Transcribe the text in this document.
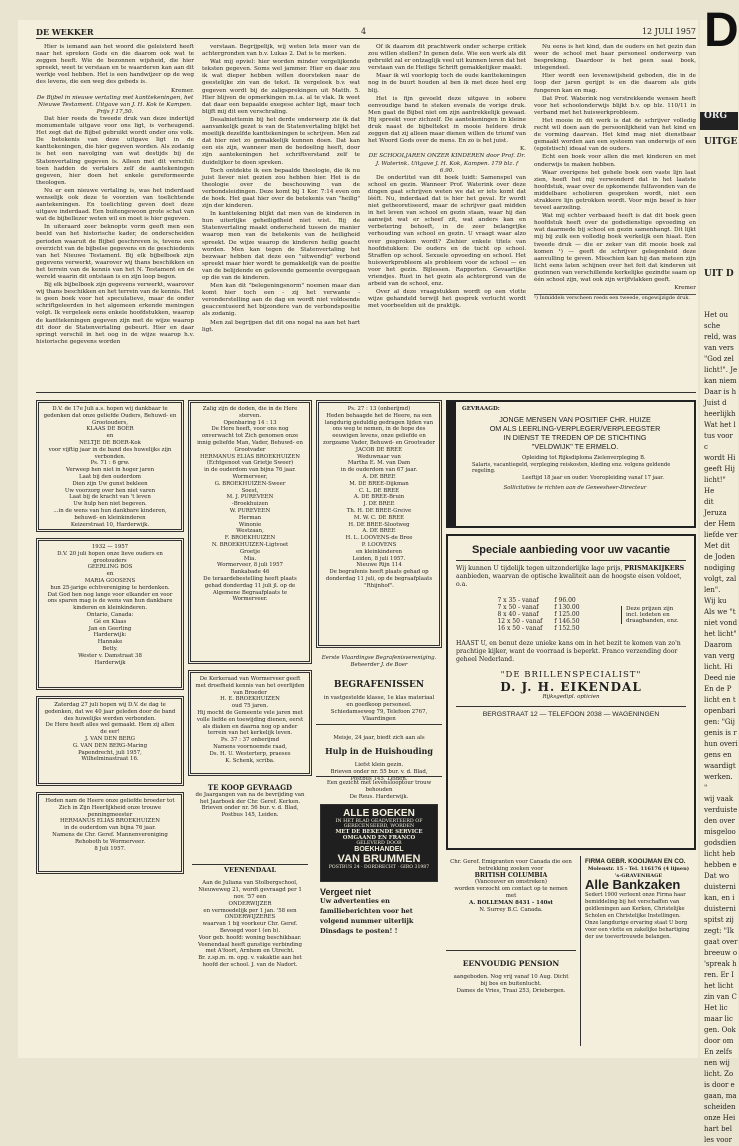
DE WEKKER	4	12 JULI 1957

Hier is iemand aan het woord die geleisterd heeft naar het spreken Gods en die daarom ook wat te zeggen heeft. Wie de bezonnen wijsheid, die hier spreekt, weet te verstaan en te waarderen kan aan dit werkje veel hebben. Het is een handwijzer op de weg des levens, die een weg des gebeds is.

Kremer.
De Bijbel in nieuwe vertaling met kanttekeningen, het Nieuwe Testament. Uitgave van J. H. Kok te Kampen. Prijs f 17,50.

Dat hier reeds de tweede druk van deze indertijd monumentale uitgave voor ons ligt, is verheugend. Het zegt dat de Bijbel gebruikt wordt onder ons volk. De betekenis van deze uitgave ligt in de kanttekeningen, die hier gegeven worden. Als zodanig is het een navolging van wat destijds bij de Statenvertaling gegeven is. Alleen met dit verschil: toen hadden de vertalers zelf de aantekeningen gegeven, hier doen het enkele gereformeerde theologen.

Nu er een nieuwe vertaling is, was het inderdaad wenselijk ook deze te voorzien van toelichtende aantekeningen. En toelichting geven doet deze uitgave inderdaad. Een buitengewoon grote schat van wat de bijbellezer weten wil en moet is hier gegeven.

In uiteraard zeer beknopte vorm geeft men een beeld van het historische kader, de onderscheiden perioden waaruit de Bijbel geschreven is, tevens een overzicht van de bijbelse gegevens en de geschiedenis van het Nieuwe Testament. Bij elk bijbelboek zijn gegevens verwerkt, waarover wij thans beschikken en het terrein van de kennis van het N. Testament en de wereld waarin dit ontstaan is en zijn loop begon.

Bij elk bijbelboek zijn gegevens verwerkt, waarover wij thans beschikken en het terrein van de kennis. Het is geen boek voor het speculatieve, maar de onder schriftgeleerden in het algemeen erkende meningen volgt. Ik vergeleek eens enkele hoofdstukken, waarop de kanttekeningen gegeven zijn met de wijze waarop dit door de Statenvertaling gebeurt. Hier en daar springt verschil in het oog in de wijze waarop h.v. historische gegevens worden

verstaan. Begrijpelijk, wij weten lets meer van de achtergronden van b.v. Lukas 2. Dat is te merken.

Wat mij opviel: hier worden minder vergelijkende teksten gegeven. Soms wel jammer. Hier en daar zou ik wat dieper hebben willen doorsteken naar de geestelijke zin van de tekst. Ik vergeleek b.v. wat gegeven wordt bij de zaligsprekingen uit Matth. 5. Hier blijven de opmerkingen m.i.a. al te vlak. Ik weet dat daar een bepaalde exegese achter ligt, maar toch blijft mij dit een verschraling.

Desalniettemin bij het derde onderwerp zie ik dat aanvankelijk gezet is van de Statenvertaling blijkt het moeilijk dezelfde kanttekeningen te schrijven. Men zal dat hier niet zo gemakkelijk kunnen doen. Dat kan een eis zijn, wanneer men de bedoeling heeft, door zijn aantekeningen het schriftverstand zelf te duidelijker te doen spreken.

Toch ontdekte ik een bepaalde theologie, die ik nu juist liever niet gezien zou hebben hier. Het is de theologie over de beschouwing van de verbondsleidingen. Deze komt bij 1 Kor. 7:14 even om de hoek. Het gaat hier over de betekenis van "heilig" zijn der kinderen.

In kanttekening blijkt dat men van de kinderen in hun uiterlijke geheiligdheid niet wist. Bij de Statenvertaling maakt onderscheid tussen de manier waarop men van de betekenis van de heiligheid spreekt. De wijze waarop de kinderen heilig geacht worden. Men kan tegen de Statenvertaling het bezwaar hebben dat deze een "uitwendig" verbond spreekt maar hier wordt te gemakkelijk van de positie van de belijdende en gelovende gemeente overgegaan op die van de kinderen.

Men kan dit "belegeningsnorm" noemen maar dan komt hier toch een - zij het verwante - veronderstelling aan de dag en wordt niet voldoende geaccentueerd het bijzondere van de verbondspositie als zodanig.

Men zal begrijpen dat dit ons nogal na aan het hart ligt.

Of ik daarom dit prachtwerk onder scherpe critiek zou willen stellen? In genen dele. Wie een werk als dit gebruikt zal er ontzaglijk veel uit kunnen leren dat het verstaan van de Heilige Schrift gemakkelijker maakt.

Maar ik wil voorlopig toch de oude kanttekeningen nog in de buurt houden al ben ik met deze heel erg blij.

Het is fijn gevoeld deze uitgave in sobere eenvoudige band te steken evenals de vorige druk. Men gaat de Bijbel niet om zijn aantrekkelijk gewaad. Hij spreekt voor zichzelf. De aantekeningen in kleine druk naast de bijbeltekst in mooie heldere druk zeggen dat zij alleen maar dienen willen de triumf van het Woord Gods over de mens. En zo is het juist.

K.
DE SCHOOLJAREN ONZER KINDEREN door Prof. Dr. J. Waterink. Uitgave J. H. Kok, Kampen. 179 blz. f 6.90.

De ondertitel van dit boek luidt: Samenspel van school en gezin. Wanneer Prof. Waterink over deze dingen gaat schrijven weten we dat er iets komt dat lééft. Nu, inderdaad dat is hier het geval. Er wordt niet getheoretiseerd, maar de schrijver gaat midden in het leven van school en gezin staan, waar hij dan aanwijst wat er scheef zit, wat anders kan en verbetering behoeft, in de zeer belangrijke verhouding van school en gezin. U vraagt waar alzo over gesproken wordt? Ziehier enkele titels van hoofdstukken: De ouders en de tucht op school. Straffen op school. Sexuele opvoeding en school. Het huiswerkprobleem als probleem voor de school — en voor het gezin. Bijlessen. Rapporten. Gevaarlijke vriendjes. Rust in het gezin als achtergrond van de arbeid van de school, enz.

Over al deze vraagstukken wordt op een vlotte wijze gehandeld terwijl het gesprek verlucht wordt met voorbeelden uit de praktijk.

Nu eens is het kind, dan de ouders en het gezin dan weer de school met haar personeel onderwerp van bespreking. Daardoor is het geen saai boek, integendeel.

Hier wordt een levenswijsheid geboden, die in de loop der jaren gerijpt is en die daarom als gids fungeren kan en mag.

Dat Prof. Waterink nog verstrekkende wensen heeft voor het schoolonderwijs blijkt b.v. op blz. 110/11 in verband met het huiswerkprobleem.

Het mooie in dit werk is dat de schrijver volledig recht wil doen aan de persoonlijkheid van het kind en de vorming daarvan. Het kind mag niet dienstbaar gemaakt worden aan een systeem van onderwijs of een (egoïstisch) ideaal van de ouders.

Echt een boek voor allen die met kinderen en met onderwijs te maken hebben.

Waar overigens het gehele boek een vaste lijn laat zien, heeft het mij verwonderd dat in het laatste hoofdstuk, waar over de opkomende fulfavonden van de middelbare scholieren gesproken wordt, niet een strakkere lijn getrokken wordt. Voor mijn besef is hier teveel aarzeling.

Wat mij echter verbaasd heeft is dat dit boek geen hoofdstuk heeft over de godsdienstige opvoeding en wat daarmede bij school en gezin samenhangt. Dit lijkt mij bij zulk een volledig boek werkelijk een hiaat. Een tweede druk — die er zeker van dit mooie boek zal komen ¹) — geeft de schrijver gelegenheid deze aanvulling te geven. Misschien kan hij dan meteen zijn licht eens laten schijnen over het feit dat kinderen uit gezinnen van verschillende kerkelijke gezindte saam op één school zijn, wat ook zijn wrijfvlakken geeft.

Kremer
¹) Inmiddels verscheen reeds een tweede, ongewijzigde druk.
D.V. de 17e Juli a.s. hopen wij dankbaar te gedenken dat onze geliefde Ouders, Behuwd- en Grootouders,
KLAAS DE BOER
en
NELTJE DE BOER-Kok
voor vijftig jaar in de band des huwelijks zijn verbonden.
Ps. 71 : 6 grw.
Verweep hen niet in hoger jaren
Laat bij den ouderdom
Dien zijn Uw gunst bekleen
Uw voorzorg over hen niet varen
Laat bij de kracht van 't leven
Uw hulp hen niet begeven.
...in de wens van hun dankbare kinderen, behuwd- en kleinkinderen
Keizerstraat 10, Harderwijk.
1932 — 1957
D.V. 20 juli hopen onze lieve ouders en grootouders
GEERLING BOS
en
MARIA GOOSENS
hun 25-jarige echtvereniging te herdenken.
Dat God hen nog lange voor elkander en voor ons sparen mag is de wens van hun dankbare kinderen en kleinkinderen.
Ontario, Canada:
Gé en Klaas
Jan en Geerling
Harderwijk:
Hannake
Betty.
Wester v. Damstraat 38
Harderwijk
Zaterdag 27 juli hopen wij D.V. de dag te gedenken, dat we 40 jaar geleden door de band des huwelijks werden verbonden.
De Here heeft alles wel gemaakt. Hem zij allen de eer!
J. VAN DEN BERG
G. VAN DEN BERG-Maring
Papendrecht, juli 1957,
Wilhelminastraat 16.
Heden nam de Heere onze geliefde broeder tot Zich in Zijn Heerlijkheid onze trouwe penningmeester
HERMANUS ELIAS BROEKHUIZEN
in de ouderdom van bijna 76 jaar.
Namens de Chr. Geref. Mannenvereniging Rehoboth te Wormerveer.
8 Juli 1957.
Zalig zijn de doden, die in de Here sterven.
Openbaring 14 : 13
De Here heeft, voor ons nog onverwacht tot Zich genomen onze innig geliefde Man, Vader, Behuwd- en Grootvader
HERMANUS ELIAS BROEKHUIZEN
(Echtgenoot van Grietje Sweer)
in de ouderdom van bijna 76 jaar.
Wormerveer,
G. BROEKHUIZEN-Sweer
Soest,
M. J. PUREVEEN
-Broekhuizen
W. PUREVEEN
Herman
Winonie
Westzaan,
F. BROEKHUIZEN
N. BROEKHUIZEN-Ligtvoet
Groetje
Mia.
Wormerveer, 8 juli 1957
Bankabade 46
De teraardebestelling heeft plaats gehad donderdag 11 juli jl. op de Algemene Begraafplaats te Wormerveer.
De Kerkeraad van Wormerveer geeft met droefheid kennis van het overlijden van Broeder
H. E. BROEKHUIZEN
oud 75 jaren.
Hij mocht de Gemeente vele jaren met volle liefde en toewijding dienen, eerst als diaken en daarna nog op ander terrein van het kerkelijk leven.
Ps. 37 : 37 onberijmd
Namens voornoemde raad,
Ds. H. U. Westerterp, praeses
K. Schenk, scriba.
TE KOOP GEVRAAGD
de Jaargangen van na de bevrijding van het Jaarboek der Chr. Geref. Kerken. Brieven onder nr. 56 bur. v. d. Blad, Postbus 145, Leiden.

VEENENDAAL

Aan de Juliana van Stolbergschool, Nieuweweg 21, wordt gevraagd per 1 nov. '57 een
ONDERWIJZER
en vermoedelijk per 1 jan. '58 een
ONDERWIJZERES
waarvan 1 bij voorkeur Chr. Geref. Bevoegd voor l (en b).
Voor geb. hoofd: woning beschikbaar.
Veenendaal heeft gunstige verbinding met A'foort, Arnhem en Utrecht.
Br. z.sp.m. m. opg. v. vakaktie aan het hoofd der school. J. van de Nadort.

Ps. 27 : 13 (onberijmd)
Heden behaagde het de Heere, na een langdurig geduldig gedragen lijden van ons weg te nemen, in de hope des eeuwigen levens, onze geliefde en zorgzame Vader, Behuwd- en Grootvader
JACOB DE BREE
Weduwnaar van
Martha E. M. van Dam
in de ouderdom van 67 jaar.
A. DE BREE
M. DE BREE-Dijkman
C. L. DE BREE
A. DE BREE-Bruin
J. DE BREE
Th. H. DE BREE-Greive
M. W. C. DE BREE
H. DE BREE-Slootweg
A. DE BREE
H. L. LOOVENS-de Bree
P. LOOVENS
en kleinkinderen
Leiden, 8 juli 1957.
Nieuwe Rijn 114
De begrafenis heeft plaats gehad op donderdag 11 juli, op de begraafplaats "Rhijnhof".
Eerste Vlaardingse Begrafenisvereniging. Beheerder J. de Boer

BEGRAFENISSEN

in vastgestelde klasse, 1e klas materiaal en goedkoop personeel.
Schiedamseweg 79, Telefoon 2767, Vlaardingen

Meisje, 24 jaar, biedt zich aan als

Hulp in de Huishouding

Liefst klein gezin.
Brieven onder nr. 55 bur. v. d. Blad, Postbus 145, Leiden.

Een gezicht met levenslooptour trouw behouden
De Reus. Harderwijk.
ALLE BOEKEN
IN HET BLAD GEADVERTEERD OF GERECENSEERD, WORDEN
MET DE BEKENDE SERVICE OMGAAND EN FRANCO
GELEVERD DOOR
BOEKHANDEL
VAN BRUMMEN
POSTBUS 24 · DORDRECHT · GIRO 31987
Vergeet niet
Uw advertenties en
familieberichten voor het
volgend nummer uiterlijk
Dinsdags te posten! !
GEVRAAGD:
JONGE MENSEN VAN POSITIEF CHR. HUIZE
OM ALS LEERLING-VERPLEGER/VERPLEEGSTER
IN DIENST TE TREDEN OP DE STICHTING
"VELDWIJK" TE ERMELO.
Opleiding tot Rijksdiploma Zielenverpleging B.
Salaris, vacantiegeld, verpleging reiskosten, kleding enz. volgens geldende regeling.
Leeftijd 18 jaar en ouder. Vooropleiding vanaf 17 jaar.
Sollicitaties te richten aan de Geneesheer-Directeur
Speciale aanbieding voor uw vacantie
Wij kunnen U tijdelijk tegen uitzonderlijke lage prijs, PRISMAKIJKERS aanbieden, waarvan de optische kwaliteit aan de hoogste eisen voldoet, o.a.
7 x 35 - vanaf	f 96.00
7 x 50 - vanaf	f 130.00
8 x 40 - vanaf	f 125.00
12 x 50 - vanaf	f 146.50
16 x 50 - vanaf	f 152.50
Deze prijzen zijn incl. ledeten en draagbanden, enz.
HAAST U, en benut deze unieke kans om in het bezit te komen van zo'n prachtige kijker, want de voorraad is beperkt. Franco verzending door geheel Nederland.
"DE BRILLENSPECIALIST"
D. J. H. EIKENDAL
Rijksgedipl. opticien
BERGSTRAAT 12 — TELEFOON 2038 — WAGENINGEN
Chr. Geref. Emigranten voor Canada die een betrekking zoeken voor
BRITISH COLUMBIA
(Vancouver en omstreken)
worden verzocht om contact op te nemen met
A. BOLLEMAN 8431 - 140st
N. Surrey B.C. Canada.

EENVOUDIG PENSION

aangeboden. Nog vrij vanaf 10 Aug. Dicht bij bos en buitenlucht.
Dames de Vries, Traai 253, Driebergen.

FIRMA GEBR. KOOIJMAN EN CO.
Molenstr. 15 - Tel. 116176 (4 lijnen) 's-GRAVENHAGE
Alle Bankzaken
Sedert 1900 verleent onze Firma haar bemiddeling bij het verschaffen van geldleningen aan Kerken, Christelijke Scholen en Christelijke Instellingen. Onze langdurige ervaring staat U borg voor een vlotte en zakelijke behartiging der uw toevertrouwde belangen.
D
ORG
UITGE
UIT D
Het ou
sche
reld, was
van vers
"God zel
licht!". Je
kan niem
Daar is h
Juist d
heerlijkh
Wat het l
tus voor c
wordt Hi
geeft Hij
licht!" He
dit Jeruza
der Hem
liefde ver
Met dit
de Joden
nodiging
volgt, zal
len".
Wij ku
Als we "t
niet vond
het licht"
Daarom
van verg
licht. Hi
Deed nie
En de P
licht en t
openbari
gen: "Gij
genis is r
hun overi
gens en
waardigt
werken. "
wij vaak
verduiste
den over
misgeloo
godsdien
licht heb
hebben e
Dat wo
duisterni
kan, en i
duisterni
spitst zij
zegt: "Ik
gaat over
breeuw o
'spreak h
ren. Er I
het licht
zin van C
Het lic
maar lic
gen. Ook
door om
En zelfs
nen wij
licht. Zo
is door e
gaan, ma
scheiden
onze Hei
hart bel
les voor
